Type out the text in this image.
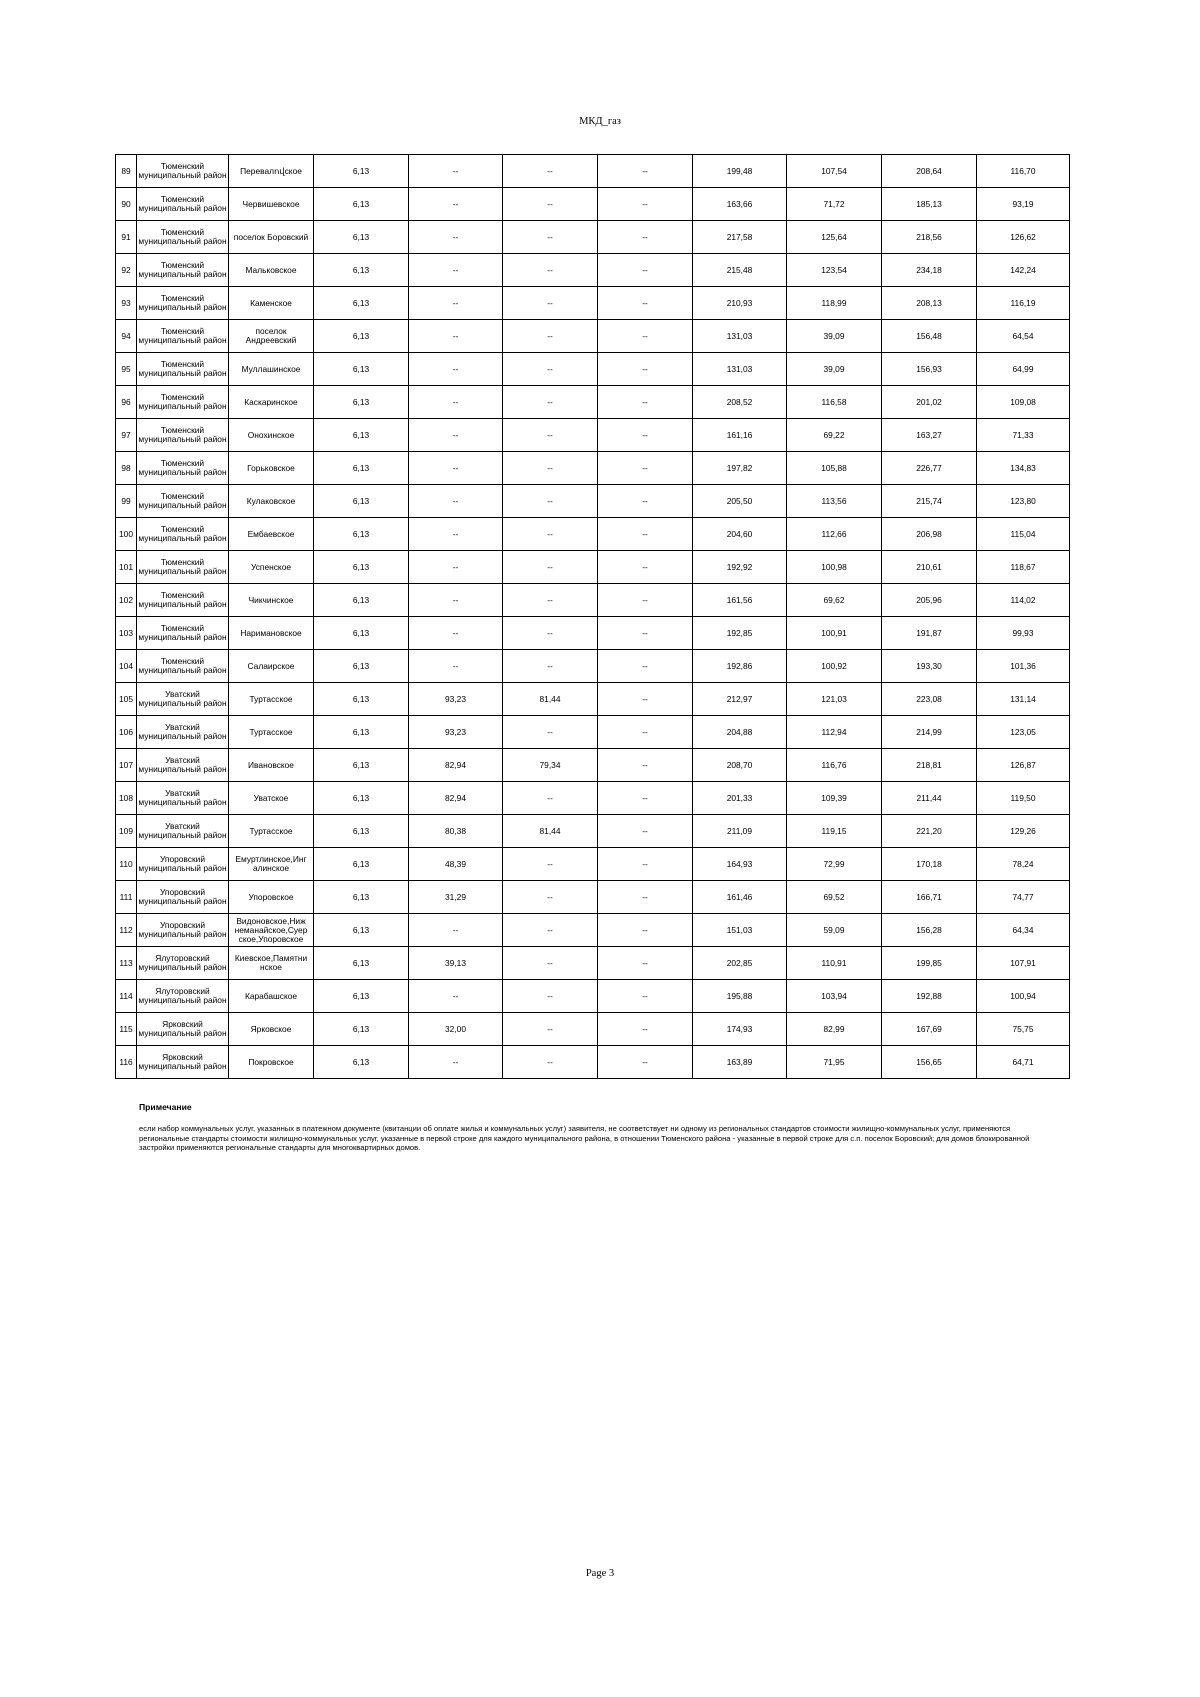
МКД_газ
89	Тюменский муниципальный район	Перевалովское	6,13	--	--	--	199,48	107,54	208,64	116,70
90	Тюменский муниципальный район	Червишевское	6,13	--	--	--	163,66	71,72	185,13	93,19
91	Тюменский муниципальный район	поселок Боровский	6,13	--	--	--	217,58	125,64	218,56	126,62
92	Тюменский муниципальный район	Мальковское	6,13	--	--	--	215,48	123,54	234,18	142,24
93	Тюменский муниципальный район	Каменское	6,13	--	--	--	210,93	118,99	208,13	116,19
94	Тюменский муниципальный район	поселок Андреевский	6,13	--	--	--	131,03	39,09	156,48	64,54
95	Тюменский муниципальный район	Муллашинское	6,13	--	--	--	131,03	39,09	156,93	64,99
96	Тюменский муниципальный район	Каскаринское	6,13	--	--	--	208,52	116,58	201,02	109,08
97	Тюменский муниципальный район	Онохинское	6,13	--	--	--	161,16	69,22	163,27	71,33
98	Тюменский муниципальный район	Горьковское	6,13	--	--	--	197,82	105,88	226,77	134,83
99	Тюменский муниципальный район	Кулаковское	6,13	--	--	--	205,50	113,56	215,74	123,80
100	Тюменский муниципальный район	Ембаевское	6,13	--	--	--	204,60	112,66	206,98	115,04
101	Тюменский муниципальный район	Успенское	6,13	--	--	--	192,92	100,98	210,61	118,67
102	Тюменский муниципальный район	Чикчинское	6,13	--	--	--	161,56	69,62	205,96	114,02
103	Тюменский муниципальный район	Наримановское	6,13	--	--	--	192,85	100,91	191,87	99,93
104	Тюменский муниципальный район	Салаирское	6,13	--	--	--	192,86	100,92	193,30	101,36
105	Уватский муниципальный район	Туртасское	6,13	93,23	81,44	--	212,97	121,03	223,08	131,14
106	Уватский муниципальный район	Туртасское	6,13	93,23	--	--	204,88	112,94	214,99	123,05
107	Уватский муниципальный район	Ивановское	6,13	82,94	79,34	--	208,70	116,76	218,81	126,87
108	Уватский муниципальный район	Уватское	6,13	82,94	--	--	201,33	109,39	211,44	119,50
109	Уватский муниципальный район	Туртасское	6,13	80,38	81,44	--	211,09	119,15	221,20	129,26
110	Упоровский муниципальный район	Емуртлинское,Инг алинское	6,13	48,39	--	--	164,93	72,99	170,18	78,24
111	Упоровский муниципальный район	Упоровское	6,13	31,29	--	--	161,46	69,52	166,71	74,77
112	Упоровский муниципальный район	Видоновское,Ниж неманайское,Суер ское,Упоровское	6,13	--	--	--	151,03	59,09	156,28	64,34
113	Ялуторовский муниципальный район	Киевское,Памятни нское	6,13	39,13	--	--	202,85	110,91	199,85	107,91
114	Ялуторовский муниципальный район	Карабашское	6,13	--	--	--	195,88	103,94	192,88	100,94
115	Ярковский муниципальный район	Ярковское	6,13	32,00	--	--	174,93	82,99	167,69	75,75
116	Ярковский муниципальный район	Покровское	6,13	--	--	--	163,89	71,95	156,65	64,71
Примечание
если набор коммунальных услуг, указанных в платежном документе (квитанции об оплате жилья и коммунальных услуг) заявителя, не соответствует ни одному из региональных стандартов стоимости жилищно-коммунальных услуг, применяются региональные стандарты стоимости жилищно-коммунальных услуг, указанные в первой строке для каждого муниципального района, в отношении Тюменского района - указанные в первой строке для с.п. поселок Боровский; для домов блокированной застройки применяются региональные стандарты для многоквартирных домов.
Page 3
